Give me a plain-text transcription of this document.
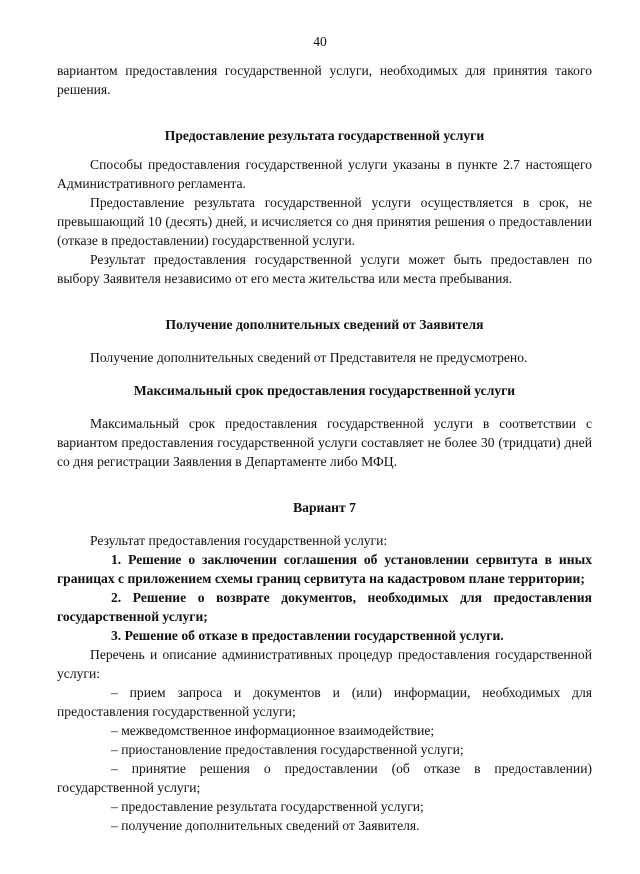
40

вариантом предоставления государственной услуги, необходимых для принятия такого решения.

Предоставление результата государственной услуги

Способы предоставления государственной услуги указаны в пункте 2.7 настоящего Административного регламента.

Предоставление результата государственной услуги осуществляется в срок, не превышающий 10 (десять) дней, и исчисляется со дня принятия решения о предоставлении (отказе в предоставлении) государственной услуги.

Результат предоставления государственной услуги может быть предоставлен по выбору Заявителя независимо от его места жительства или места пребывания.

Получение дополнительных сведений от Заявителя

Получение дополнительных сведений от Представителя не предусмотрено.

Максимальный срок предоставления государственной услуги

Максимальный срок предоставления государственной услуги в соответствии с вариантом предоставления государственной услуги составляет не более 30 (тридцати) дней со дня регистрации Заявления в Департаменте либо МФЦ.

Вариант 7

Результат предоставления государственной услуги:

1. Решение о заключении соглашения об установлении сервитута в иных границах с приложением схемы границ сервитута на кадастровом плане территории;

2. Решение о возврате документов, необходимых для предоставления государственной услуги;

3. Решение об отказе в предоставлении государственной услуги.

Перечень и описание административных процедур предоставления государственной услуги:

– прием запроса и документов и (или) информации, необходимых для предоставления государственной услуги;

– межведомственное информационное взаимодействие;

– приостановление предоставления государственной услуги;

– принятие решения о предоставлении (об отказе в предоставлении) государственной услуги;

– предоставление результата государственной услуги;

– получение дополнительных сведений от Заявителя.
